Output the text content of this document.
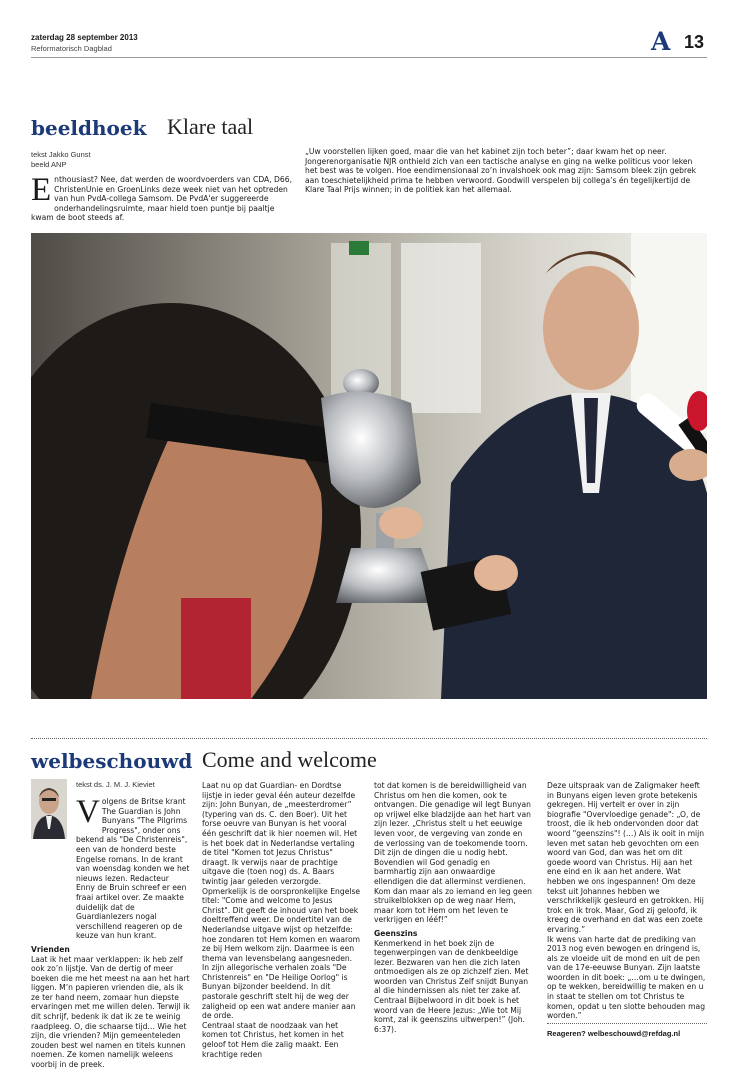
zaterdag 28 september 2013
Reformatorisch Dagblad	A 13
beeldhoek Klare taal
tekst Jakko Gunst
beeld ANP
Enthousiast? Nee, dat werden de woordvoerders van CDA, D66, ChristenUnie en GroenLinks deze week niet van het optreden van hun PvdA-collega Samsom. De PvdA'er suggereerde onderhandelingsruimte, maar hield toen puntje bij paaltje kwam de boot steeds af.
„Uw voorstellen lijken goed, maar die van het kabinet zijn toch beter”; daar kwam het op neer. Jongerenorganisatie NJR onthield zich van een tactische analyse en ging na welke politicus voor leken het best was te volgen. Hoe eendimensionaal zo’n invalshoek ook mag zijn: Samsom bleek zijn gebrek aan toeschietelijkheid prima te hebben verwoord. Goodwill verspelen bij collega’s én tegelijkertijd de Klare Taal Prijs winnen; in de politiek kan het allemaal.
welbeschouwd Come and welcome
tekst ds. J. M. J. Kieviet

Volgens de Britse krant The Guardian is John Bunyans "The Pilgrims Progress", onder ons bekend als "De Christenreis", een van de honderd beste Engelse romans. In de krant van woensdag konden we het nieuws lezen. Redacteur Enny de Bruin schreef er een fraai artikel over. Ze maakte duidelijk dat de Guardianlezers nogal verschillend reageren op de keuze van hun krant.

Vrienden

Laat ik het maar verklappen: ik heb zelf ook zo’n lijstje. Van de dertig of meer boeken die me het meest na aan het hart liggen. M’n papieren vrienden die, als ik ze ter hand neem, zomaar hun diepste ervaringen met me willen delen. Terwijl ik dit schrijf, bedenk ik dat ik ze te weinig raadpleeg. O, die schaarse tijd… Wie het zijn, die vrienden? Mijn gemeenteleden zouden best wel namen en titels kunnen noemen. Ze komen namelijk weleens voorbij in de preek.

Laat nu op dat Guardian- en Dordtse lijstje in ieder geval één auteur dezelfde zijn: John Bunyan, de „meesterdromer” (typering van ds. C. den Boer). Uit het forse oeuvre van Bunyan is het vooral één geschrift dat ik hier noemen wil. Het is het boek dat in Nederlandse vertaling de titel "Komen tot Jezus Christus" draagt. Ik verwijs naar de prachtige uitgave die (toen nog) ds. A. Baars twintig jaar geleden verzorgde.
Opmerkelijk is de oorspronkelijke Engelse titel: "Come and welcome to Jesus Christ". Dit geeft de inhoud van het boek doeltreffend weer. De ondertitel van de Nederlandse uitgave wijst op hetzelfde: hoe zondaren tot Hem komen en waarom ze bij Hem welkom zijn. Daarmee is een thema van levensbelang aangesneden.
In zijn allegorische verhalen zoals "De Christenreis" en "De Heilige Oorlog" is Bunyan bijzonder beeldend. In dit pastorale geschrift stelt hij de weg der zaligheid op een wat andere manier aan de orde.
Centraal staat de noodzaak van het komen tot Christus, het komen in het geloof tot Hem die zalig maakt. Een krachtige reden

tot dat komen is de bereidwilligheid van Christus om hen die komen, ook te ontvangen. Die genadige wil legt Bunyan op vrijwel elke bladzijde aan het hart van zijn lezer. „Christus stelt u het eeuwige leven voor, de vergeving van zonde en de verlossing van de toekomende toorn. Dit zijn de dingen die u nodig hebt. Bovendien wil God genadig en barmhartig zijn aan onwaardige ellendigen die dat allerminst verdienen. Kom dan maar als zo iemand en leg geen struikelblokken op de weg naar Hem, maar kom tot Hem om het leven te verkrijgen en lééf!”

Geenszins

Kenmerkend in het boek zijn de tegenwerpingen van de denkbeeldige lezer. Bezwaren van hen die zich laten ontmoedigen als ze op zichzelf zien. Met woorden van Christus Zelf snijdt Bunyan al die hindernissen als niet ter zake af.
Centraal Bijbelwoord in dit boek is het woord van de Heere Jezus: „Wie tot Mij komt, zal ik geenszins uitwerpen!” (Joh. 6:37).

Deze uitspraak van de Zaligmaker heeft in Bunyans eigen leven grote betekenis gekregen. Hij vertelt er over in zijn biografie "Overvloedige genade": „O, de troost, die ik heb ondervonden door dat woord "geenszins"! (…) Als ik ooit in mijn leven met satan heb gevochten om een woord van God, dan was het om dit goede woord van Christus. Hij aan het ene eind en ik aan het andere. Wat hebben we ons ingespannen! Om deze tekst uit Johannes hebben we verschrikkelijk gesleurd en getrokken. Hij trok en ik trok. Maar, God zij geloofd, ik kreeg de overhand en dat was een zoete ervaring.”
Ik wens van harte dat de prediking van 2013 nog even bewogen en dringend is, als ze vloeide uit de mond en uit de pen van de 17e-eeuwse Bunyan. Zijn laatste woorden in dit boek: „…om u te dwingen, op te wekken, bereidwillig te maken en u in staat te stellen om tot Christus te komen, opdat u ten slotte behouden mag worden.”
Reageren? welbeschouwd@refdag.nl
